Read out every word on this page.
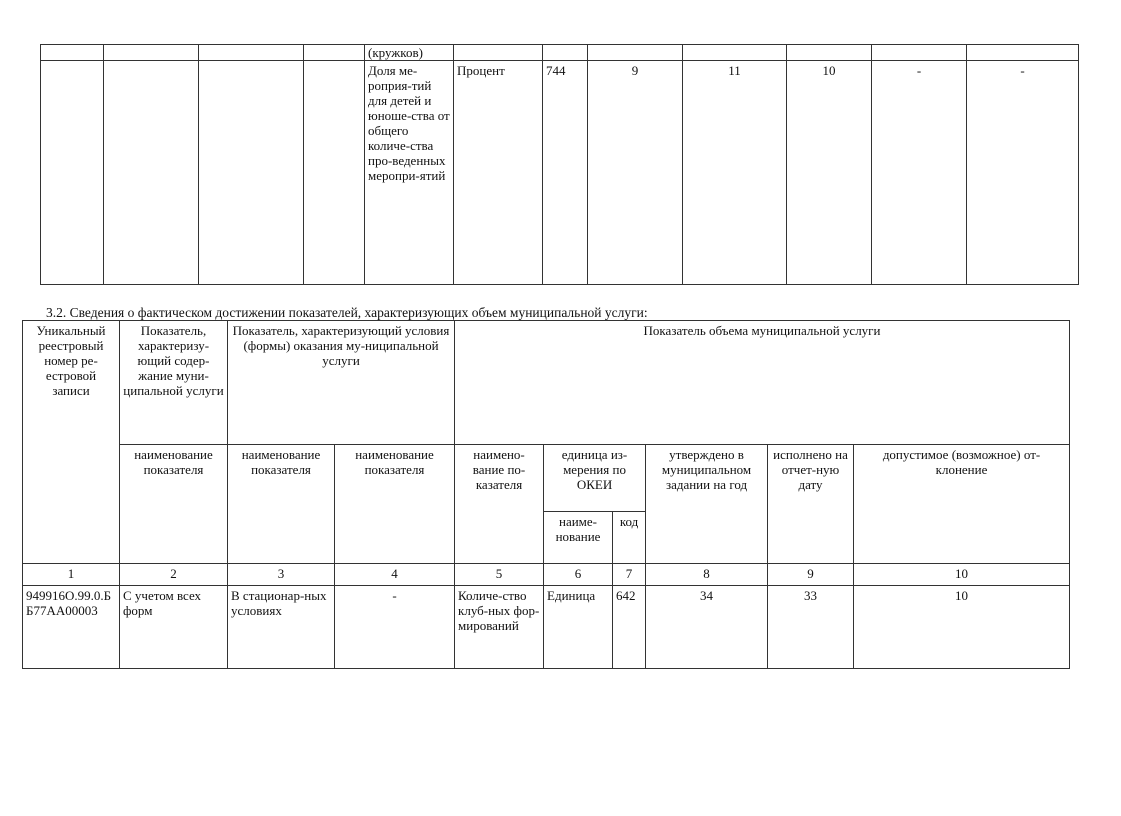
				(кружков)							
				Доля ме-роприя-тий для детей и юноше-ства от общего количе-ства про-веденных меропри-ятий	Процент	744	9	11	10	-	-
3.2. Сведения о фактическом достижении показателей, характеризующих объем муниципальной услуги:
Уникальный реестровый номер ре-естровой записи	Показатель, характеризу-ющий содер-жание муни-ципальной услуги	Показатель, характеризующий условия (формы) оказания му-ниципальной услуги		Показатель объема муниципальной услуги					
	наименование показателя	наименование показателя	наименование показателя	наимено-вание по-казателя	единица из-мерения по ОКЕИ		утверждено в муниципальном задании на год	исполнено на отчет-ную дату	допустимое (возможное) от-клонение
					наиме-нование	код			
1	2	3	4	5	6	7	8	9	10
949916О.99.0.ББ77АА00003	С учетом всех форм	В стационар-ных условиях	-	Количе-ство клуб-ных фор-мирований	Единица	642	34	33	10
